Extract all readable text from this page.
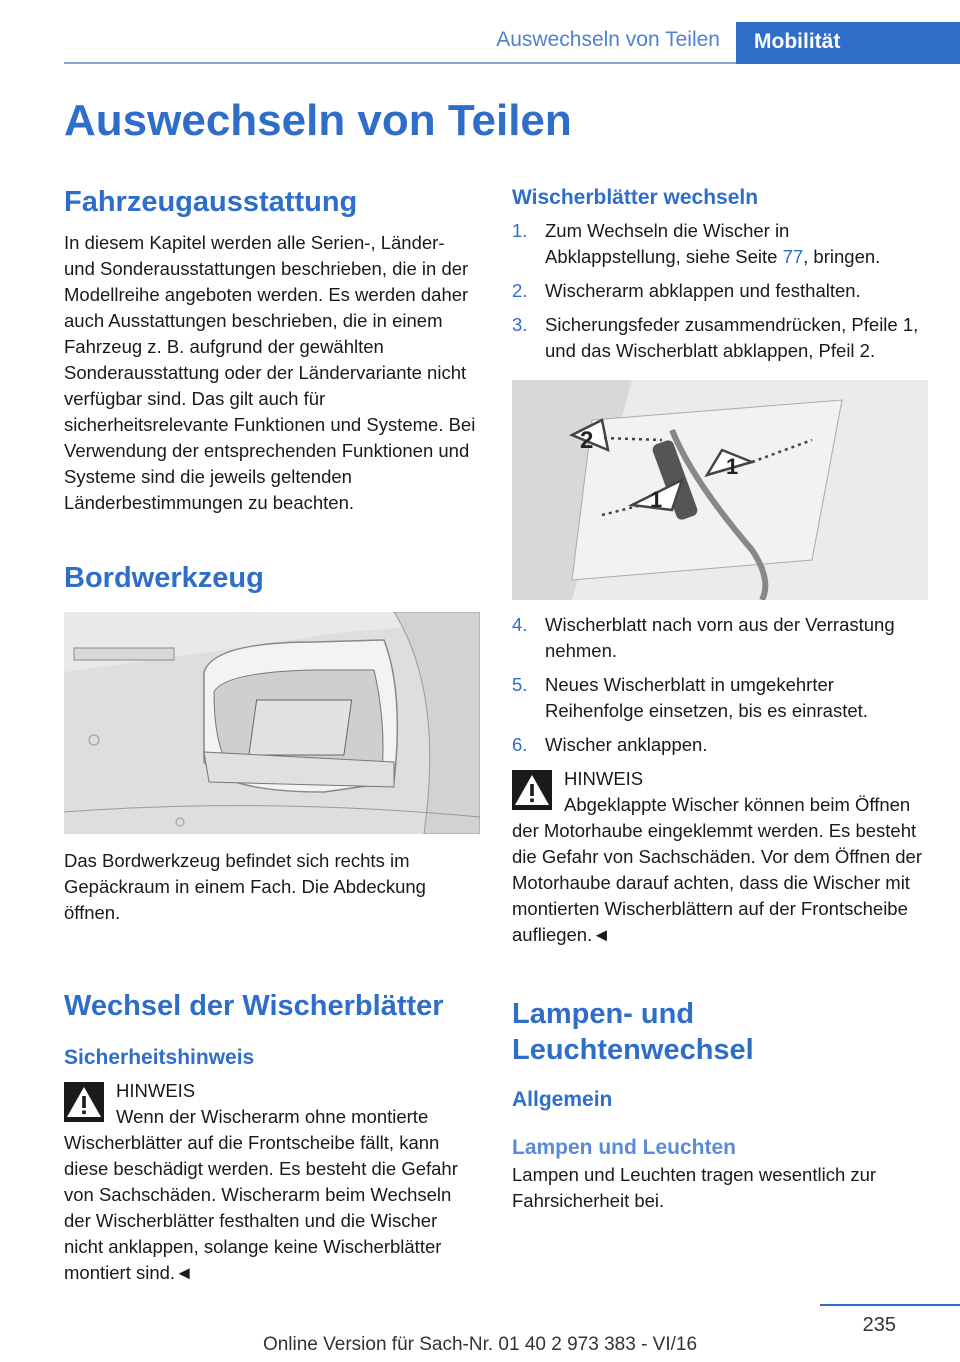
Auswechseln von Teilen	Mobilität
Auswechseln von Teilen
Fahrzeugausstattung

In diesem Kapitel werden alle Serien-, Länder- und Sonderausstattungen beschrieben, die in der Modellreihe angeboten werden. Es werden daher auch Ausstattungen beschrieben, die in einem Fahrzeug z. B. aufgrund der gewählten Sonderausstattung oder der Ländervariante nicht verfügbar sind. Das gilt auch für sicherheitsrelevante Funktionen und Systeme. Bei Verwendung der entsprechenden Funktionen und Systeme sind die jeweils geltenden Länderbestimmungen zu beachten.

Bordwerkzeug

Das Bordwerkzeug befindet sich rechts im Gepäckraum in einem Fach. Die Abdeckung öffnen.

Wechsel der Wischerblätter
Sicherheitshinweis
HINWEIS
Wenn der Wischerarm ohne montierte Wischerblätter auf die Frontscheibe fällt, kann diese beschädigt werden. Es besteht die Gefahr von Sachschäden. Wischerarm beim Wechseln der Wischerblätter festhalten und die Wischer nicht anklappen, solange keine Wischerblätter montiert sind.◄
Wischerblätter wechseln
1. Zum Wechseln die Wischer in Abklappstellung, siehe Seite 77, bringen.
2. Wischerarm abklappen und festhalten.
3. Sicherungsfeder zusammendrücken, Pfeile 1, und das Wischerblatt abklappen, Pfeil 2.
2
1
1
4. Wischerblatt nach vorn aus der Verrastung nehmen.
5. Neues Wischerblatt in umgekehrter Reihenfolge einsetzen, bis es einrastet.
6. Wischer anklappen.
HINWEIS
Abgeklappte Wischer können beim Öffnen der Motorhaube eingeklemmt werden. Es besteht die Gefahr von Sachschäden. Vor dem Öffnen der Motorhaube darauf achten, dass die Wischer mit montierten Wischerblättern auf der Frontscheibe aufliegen.◄
Lampen- und Leuchtenwechsel
Allgemein
Lampen und Leuchten

Lampen und Leuchten tragen wesentlich zur Fahrsicherheit bei.

235
Online Version für Sach-Nr. 01 40 2 973 383 - VI/16
